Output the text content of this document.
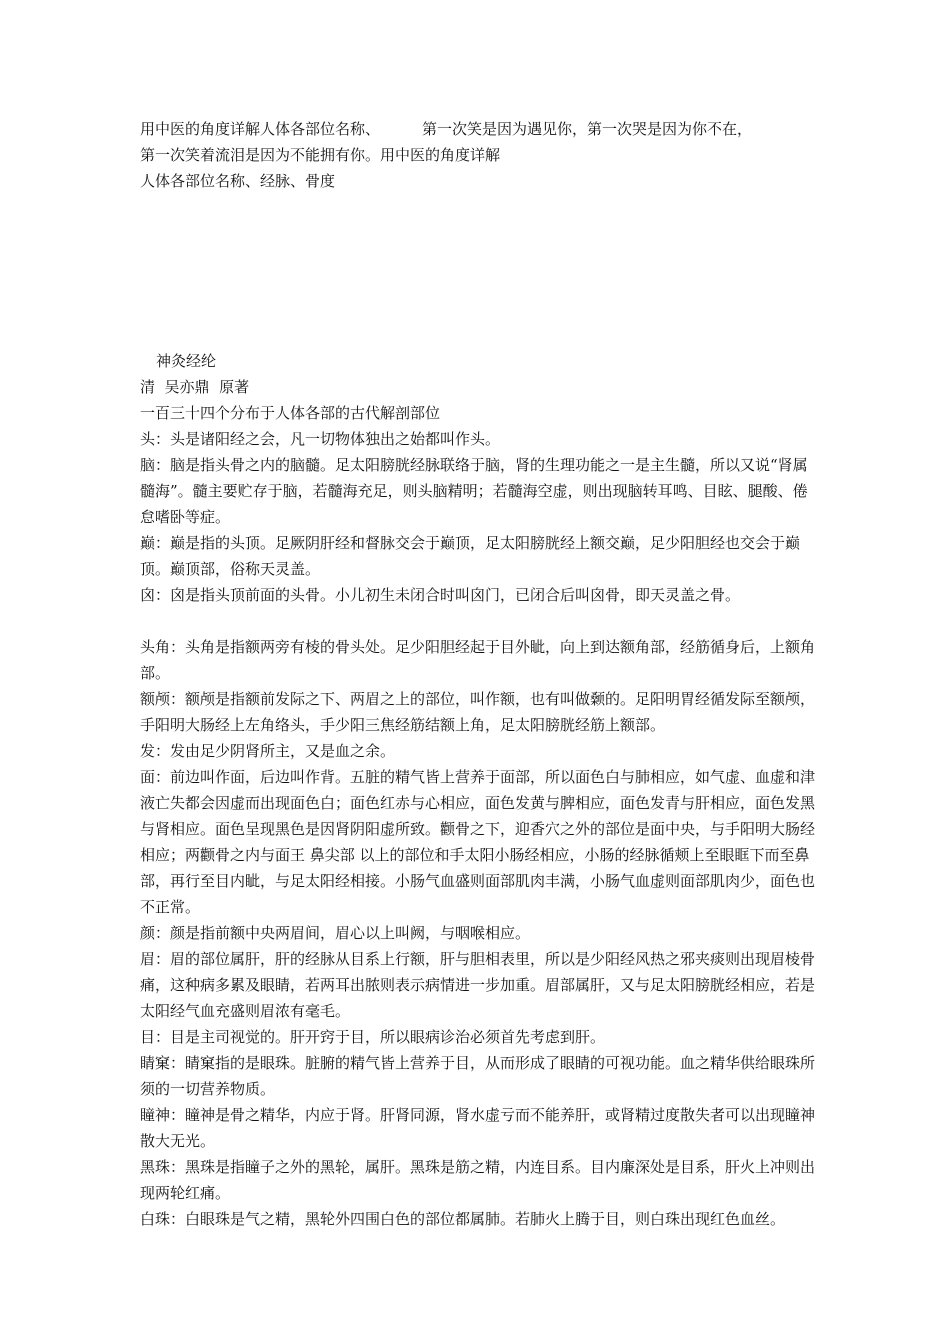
用中医的角度详解人体各部位名称、	第一次笑是因为遇见你，第一次哭是因为你不在，

第一次笑着流泪是因为不能拥有你。用中医的角度详解

人体各部位名称、经脉、骨度

神灸经纶

清  吴亦鼎  原著

一百三十四个分布于人体各部的古代解剖部位

头：头是诸阳经之会，凡一切物体独出之始都叫作头。

脑：脑是指头骨之内的脑髓。足太阳膀胱经脉联络于脑，肾的生理功能之一是主生髓，所以又说“肾属髓海”。髓主要贮存于脑，若髓海充足，则头脑精明；若髓海空虚，则出现脑转耳鸣、目眩、腿酸、倦怠嗜卧等症。

巅：巅是指的头顶。足厥阴肝经和督脉交会于巅顶，足太阳膀胱经上额交巅，足少阳胆经也交会于巅顶。巅顶部，俗称天灵盖。

囟：囟是指头顶前面的头骨。小儿初生未闭合时叫囟门，已闭合后叫囟骨，即天灵盖之骨。

头角：头角是指额两旁有棱的骨头处。足少阳胆经起于目外眦，向上到达额角部，经筋循身后，上额角部。

额颅：额颅是指额前发际之下、两眉之上的部位，叫作额，也有叫做颡的。足阳明胃经循发际至额颅，手阳明大肠经上左角络头，手少阳三焦经筋结额上角，足太阳膀胱经筋上额部。

发：发由足少阴肾所主，又是血之余。

面：前边叫作面，后边叫作背。五脏的精气皆上营养于面部，所以面色白与肺相应，如气虚、血虚和津液亡失都会因虚而出现面色白；面色红赤与心相应，面色发黄与脾相应，面色发青与肝相应，面色发黑与肾相应。面色呈现黑色是因肾阴阳虚所致。颧骨之下，迎香穴之外的部位是面中央，与手阳明大肠经相应；两颧骨之内与面王 鼻尖部 以上的部位和手太阳小肠经相应，小肠的经脉循颊上至眼眶下而至鼻部，再行至目内眦，与足太阳经相接。小肠气血盛则面部肌肉丰满，小肠气血虚则面部肌肉少，面色也不正常。

颜：颜是指前额中央两眉间，眉心以上叫阙，与咽喉相应。

眉：眉的部位属肝，肝的经脉从目系上行额，肝与胆相表里，所以是少阳经风热之邪夹痰则出现眉棱骨痛，这种病多累及眼睛，若两耳出脓则表示病情进一步加重。眉部属肝，又与足太阳膀胱经相应，若是太阳经气血充盛则眉浓有毫毛。

目：目是主司视觉的。肝开窍于目，所以眼病诊治必须首先考虑到肝。

睛窠：睛窠指的是眼珠。脏腑的精气皆上营养于目，从而形成了眼睛的可视功能。血之精华供给眼珠所须的一切营养物质。

瞳神：瞳神是骨之精华，内应于肾。肝肾同源，肾水虚亏而不能养肝，或肾精过度散失者可以出现瞳神散大无光。

黑珠：黑珠是指瞳子之外的黑轮，属肝。黑珠是筋之精，内连目系。目内廉深处是目系，肝火上冲则出现两轮红痛。

白珠：白眼珠是气之精，黑轮外四围白色的部位都属肺。若肺火上腾于目，则白珠出现红色血丝。
